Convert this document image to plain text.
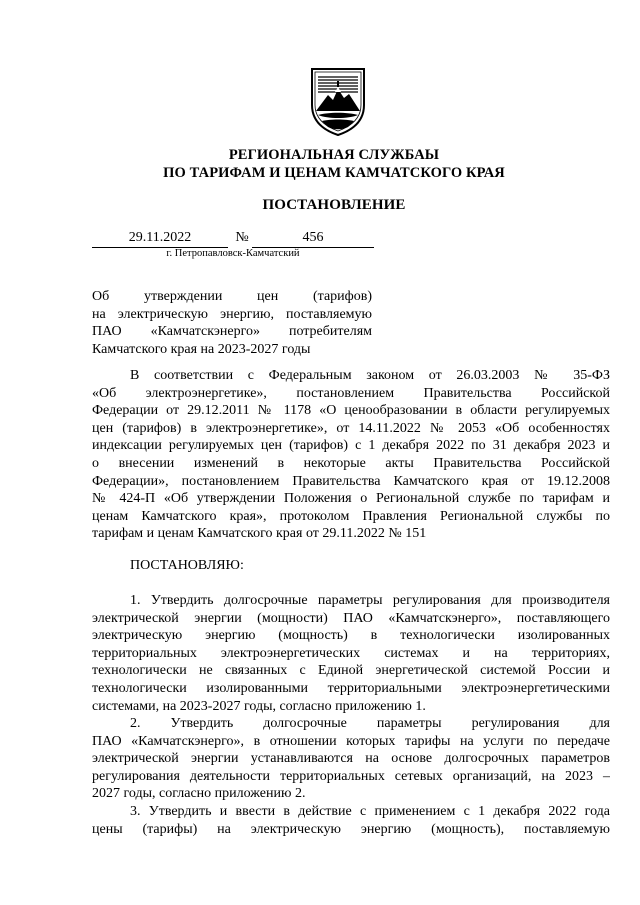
РЕГИОНАЛЬНАЯ СЛУЖБАЫ
ПО ТАРИФАМ И ЦЕНАМ КАМЧАТСКОГО КРАЯ
ПОСТАНОВЛЕНИЕ
29.11.2022	№	456
г. Петропавловск-Камчатский
Об утверждении цен (тарифов)
на электрическую энергию, поставляемую
ПАО «Камчатскэнерго» потребителям
Камчатского края на 2023-2027 годы
В соответствии с Федеральным законом от 26.03.2003 № 35-ФЗ
«Об электроэнергетике», постановлением Правительства Российской
Федерации от 29.12.2011 № 1178 «О ценообразовании в области регулируемых
цен (тарифов) в электроэнергетике», от 14.11.2022 № 2053 «Об особенностях
индексации регулируемых цен (тарифов) с 1 декабря 2022 по 31 декабря 2023 и
о внесении изменений в некоторые акты Правительства Российской
Федерации», постановлением Правительства Камчатского края от 19.12.2008
№ 424-П «Об утверждении Положения о Региональной службе по тарифам и
ценам Камчатского края», протоколом Правления Региональной службы по
тарифам и ценам Камчатского края от 29.11.2022 № 151
ПОСТАНОВЛЯЮ:
1. Утвердить долгосрочные параметры регулирования для производителя
электрической энергии (мощности) ПАО «Камчатскэнерго», поставляющего
электрическую энергию (мощность) в технологически изолированных
территориальных электроэнергетических системах и на территориях,
технологически не связанных с Единой энергетической системой России и
технологически изолированными территориальными электроэнергетическими
системами, на 2023-2027 годы, согласно приложению 1.
2. Утвердить долгосрочные параметры регулирования для
ПАО «Камчатскэнерго», в отношении которых тарифы на услуги по передаче
электрической энергии устанавливаются на основе долгосрочных параметров
регулирования деятельности территориальных сетевых организаций, на 2023 –
2027 годы, согласно приложению 2.
3. Утвердить и ввести в действие с применением с 1 декабря 2022 года
цены (тарифы) на электрическую энергию (мощность), поставляемую
